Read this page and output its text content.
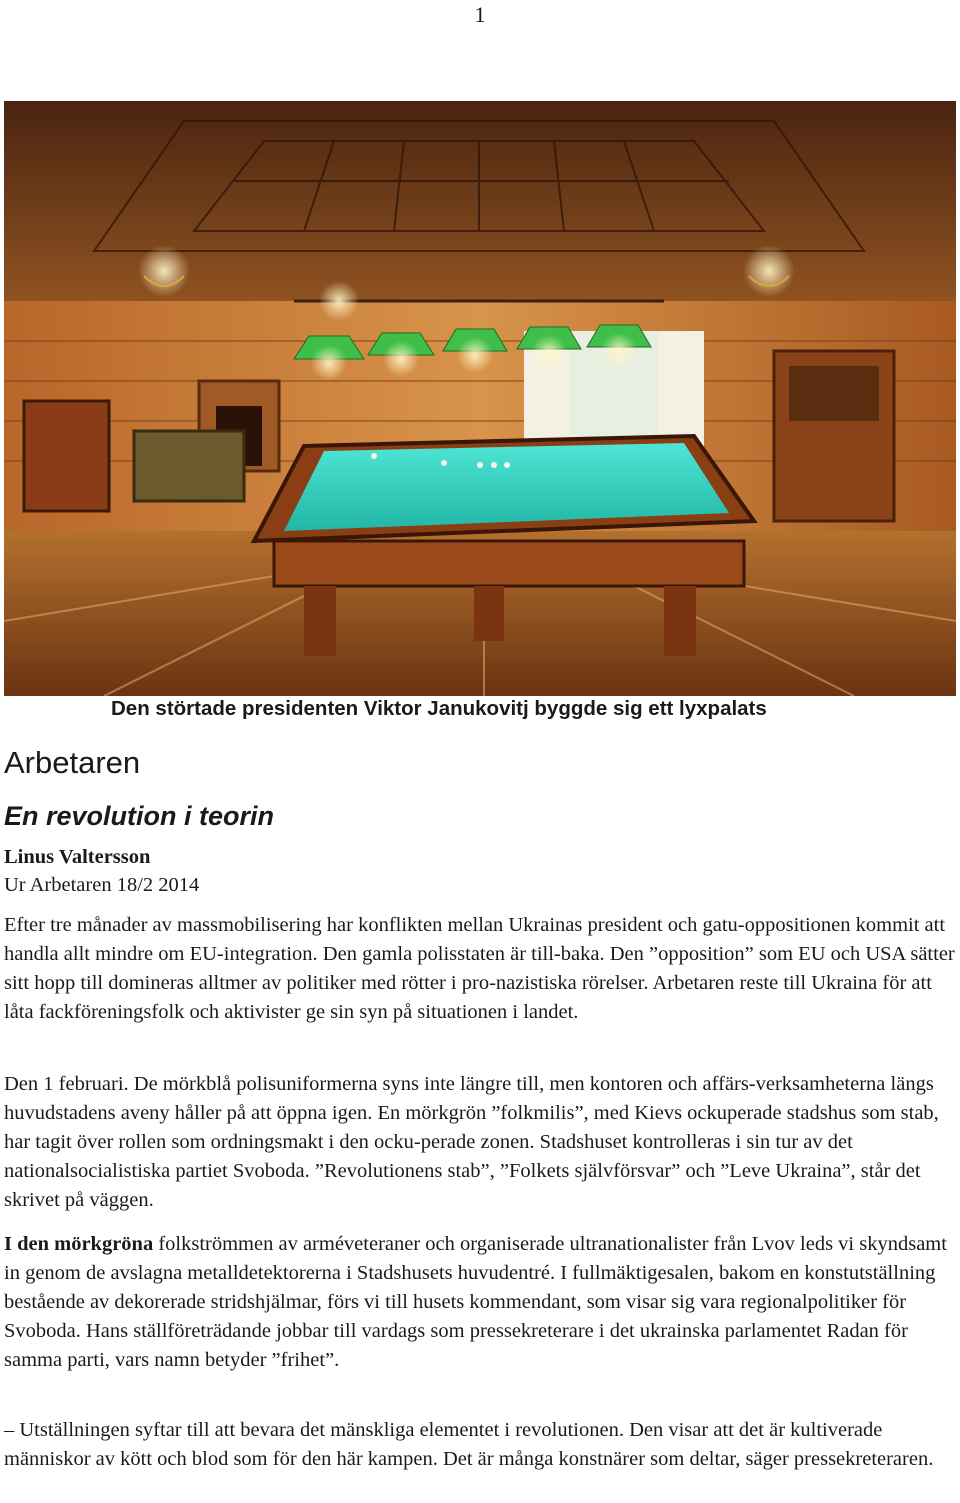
1
Den störtade presidenten Viktor Janukovitj byggde sig ett lyxpalats
Arbetaren
En revolution i teorin
Linus Valtersson
Ur Arbetaren 18/2 2014

Efter tre månader av massmobilisering har konflikten mellan Ukrainas president och gatu-oppositionen kommit att handla allt mindre om EU-integration. Den gamla polisstaten är till-baka. Den ”opposition” som EU och USA sätter sitt hopp till domineras alltmer av politiker med rötter i pro-nazistiska rörelser. Arbetaren reste till Ukraina för att låta fackföreningsfolk och aktivister ge sin syn på situationen i landet.

Den 1 februari. De mörkblå polisuniformerna syns inte längre till, men kontoren och affärs-verksamheterna längs huvudstadens aveny håller på att öppna igen. En mörkgrön ”folkmilis”, med Kievs ockuperade stadshus som stab, har tagit över rollen som ordningsmakt i den ocku-perade zonen. Stadshuset kontrolleras i sin tur av det nationalsocialistiska partiet Svoboda. ”Revolutionens stab”, ”Folkets självförsvar” och ”Leve Ukraina”, står det skrivet på väggen.

I den mörkgröna folkströmmen av arméveteraner och organiserade ultranationalister från Lvov leds vi skyndsamt in genom de avslagna metalldetektorerna i Stadshusets huvudentré. I fullmäktigesalen, bakom en konstutställning bestående av dekorerade stridshjälmar, förs vi till husets kommendant, som visar sig vara regionalpolitiker för Svoboda. Hans ställföreträdande jobbar till vardags som pressekreterare i det ukrainska parlamentet Radan för samma parti, vars namn betyder ”frihet”.

– Utställningen syftar till att bevara det mänskliga elementet i revolutionen. Den visar att det är kultiverade människor av kött och blod som för den här kampen. Det är många konstnärer som deltar, säger pressekreteraren.
